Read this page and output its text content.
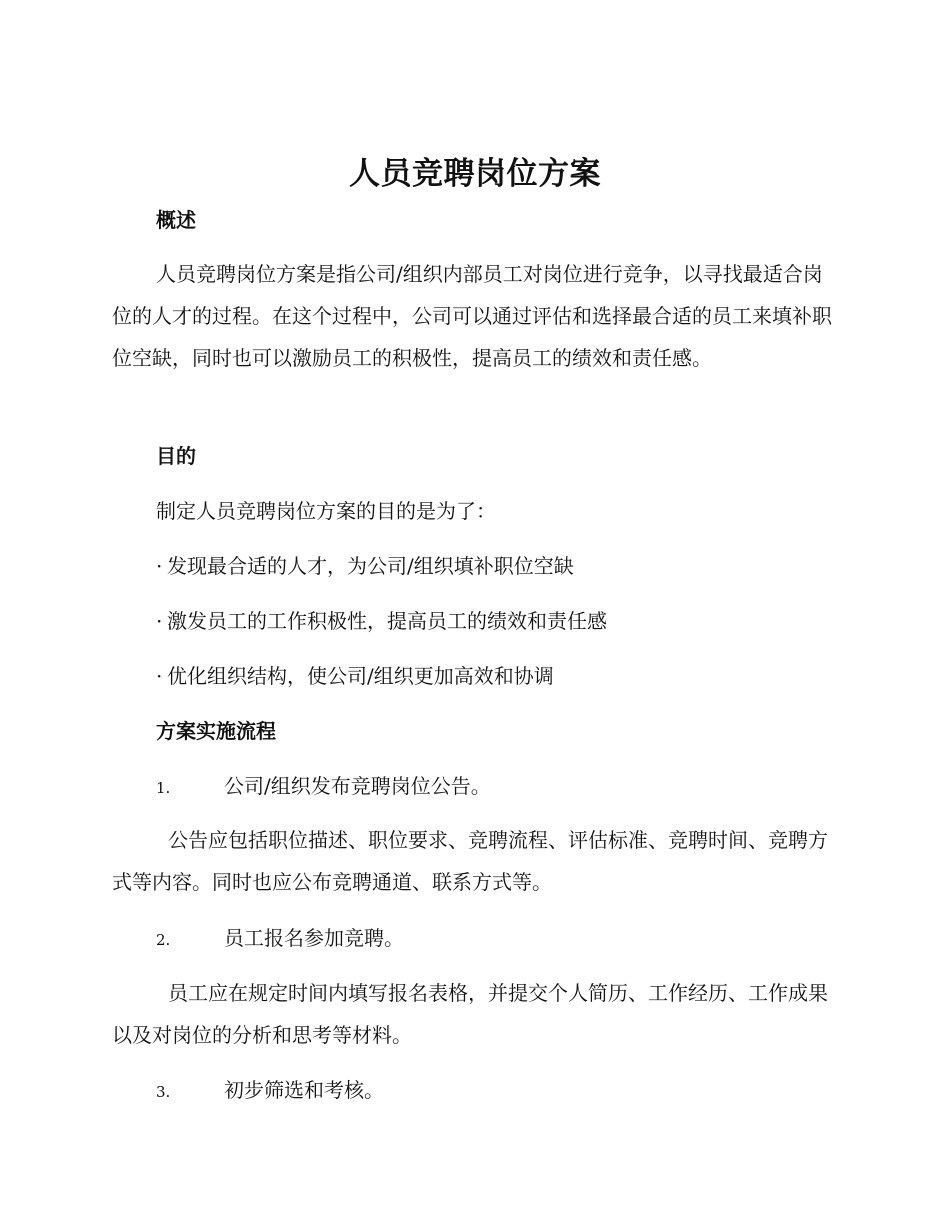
人员竞聘岗位方案
概述

人员竞聘岗位方案是指公司/组织内部员工对岗位进行竞争，以寻找最适合岗位的人才的过程。在这个过程中，公司可以通过评估和选择最合适的员工来填补职位空缺，同时也可以激励员工的积极性，提高员工的绩效和责任感。

目的
制定人员竞聘岗位方案的目的是为了：
· 发现最合适的人才，为公司/组织填补职位空缺
· 激发员工的工作积极性，提高员工的绩效和责任感
· 优化组织结构，使公司/组织更加高效和协调
方案实施流程
1.	公司/组织发布竞聘岗位公告。

公告应包括职位描述、职位要求、竞聘流程、评估标准、竞聘时间、竞聘方式等内容。同时也应公布竞聘通道、联系方式等。

2.	员工报名参加竞聘。

员工应在规定时间内填写报名表格，并提交个人简历、工作经历、工作成果以及对岗位的分析和思考等材料。

3.	初步筛选和考核。
